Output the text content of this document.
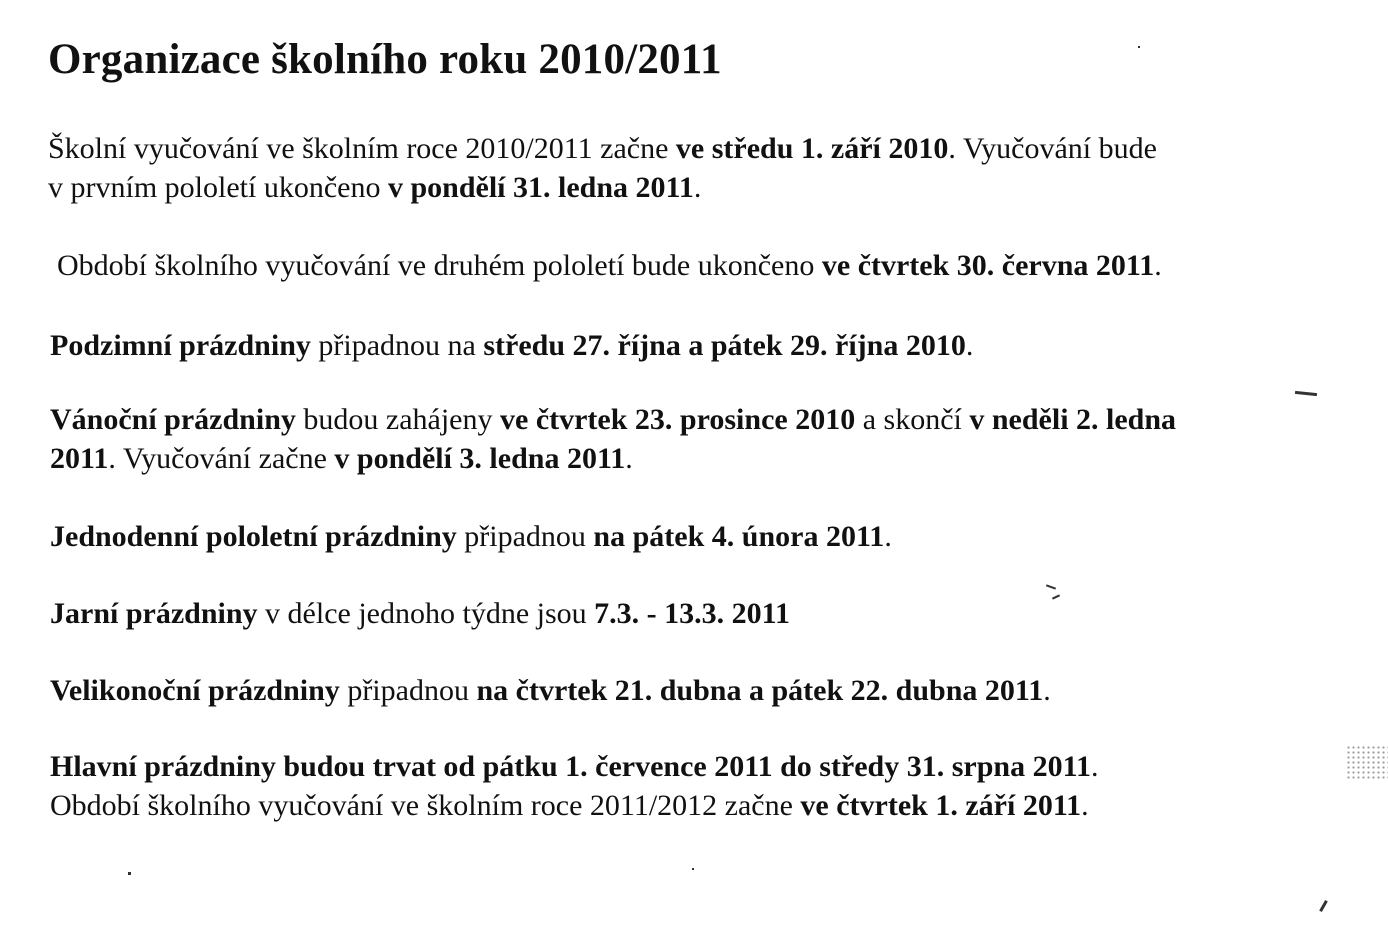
Organizace školního roku 2010/2011

Školní vyučování ve školním roce 2010/2011 začne ve středu 1. září 2010. Vyučování bude
v prvním pololetí ukončeno v pondělí 31. ledna 2011.

Období školního vyučování ve druhém pololetí bude ukončeno ve čtvrtek 30. června 2011.

Podzimní prázdniny připadnou na středu 27. října a pátek 29. října 2010.

Vánoční prázdniny budou zahájeny ve čtvrtek 23. prosince 2010 a skončí v neděli 2. ledna
2011. Vyučování začne v pondělí 3. ledna 2011.

Jednodenní pololetní prázdniny připadnou na pátek 4. února 2011.

Jarní prázdniny v délce jednoho týdne jsou 7.3. - 13.3. 2011

Velikonoční prázdniny připadnou na čtvrtek 21. dubna a pátek 22. dubna 2011.

Hlavní prázdniny budou trvat od pátku 1. července 2011 do středy 31. srpna 2011.
Období školního vyučování ve školním roce 2011/2012 začne ve čtvrtek 1. září 2011.
